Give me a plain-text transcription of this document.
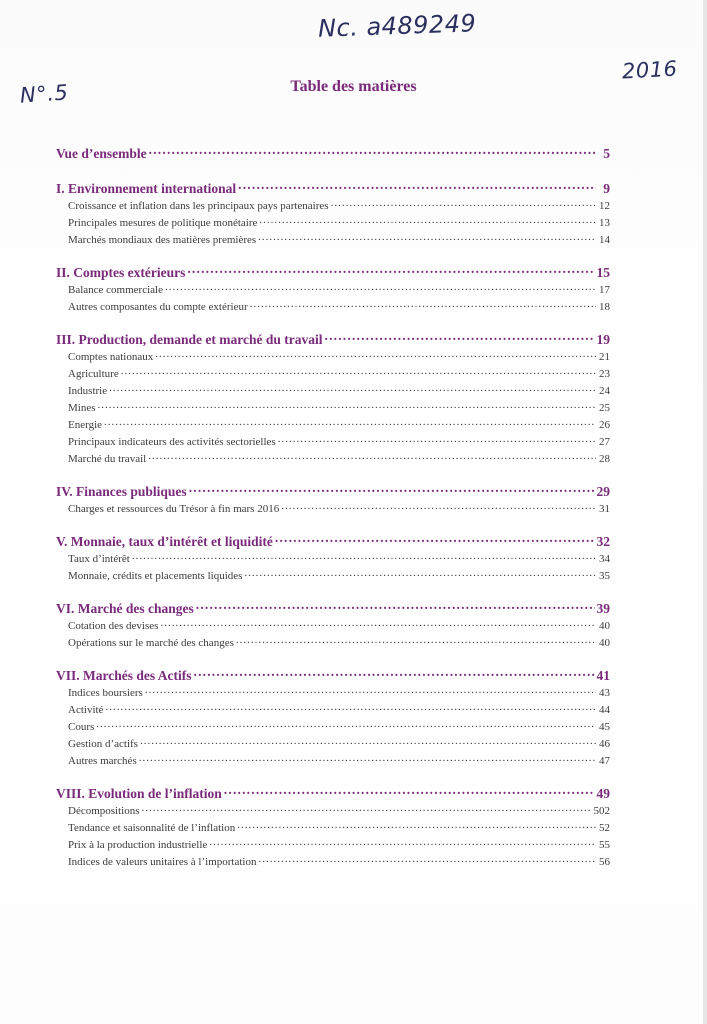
Nc. a489249
N°.5
2016
Table des matières
Vue d’ensemble .....	5
I. Environnement international .....	9
Croissance et inflation dans les principaux pays partenaires .....	12
Principales mesures de politique monétaire .....	13
Marchés mondiaux des matières premières .....	14
II. Comptes extérieurs .....	15
Balance commerciale .....	17
Autres composantes du compte extérieur .....	18
III. Production, demande et marché du travail .....	19
Comptes nationaux .....	21
Agriculture .....	23
Industrie .....	24
Mines .....	25
Energie .....	26
Principaux indicateurs des activités sectorielles .....	27
Marché du travail .....	28
IV. Finances publiques .....	29
Charges et ressources du Trésor à fin mars 2016 .....	31
V. Monnaie, taux d’intérêt et liquidité .....	32
Taux d’intérêt .....	34
Monnaie, crédits et placements liquides .....	35
VI. Marché des changes .....	39
Cotation des devises .....	40
Opérations sur le marché des changes .....	40
VII. Marchés des Actifs .....	41
Indices boursiers .....	43
Activité .....	44
Cours .....	45
Gestion d’actifs .....	46
Autres marchés .....	47
VIII. Evolution de l’inflation .....	49
Décompositions .....	502
Tendance et saisonnalité de l’inflation .....	52
Prix à la production industrielle .....	55
Indices de valeurs unitaires à l’importation .....	56
